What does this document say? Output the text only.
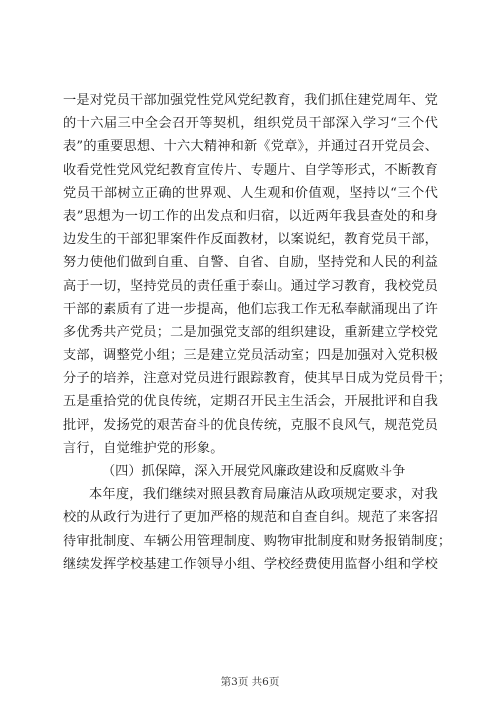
一是对党员干部加强党性党风党纪教育，我们抓住建党周年、党
的十六届三中全会召开等契机，组织党员干部深入学习“三个代
表”的重要思想、十六大精神和新《党章》，并通过召开党员会、
收看党性党风党纪教育宣传片、专题片、自学等形式，不断教育
党员干部树立正确的世界观、人生观和价值观，坚持以“三个代
表”思想为一切工作的出发点和归宿，以近两年我县查处的和身
边发生的干部犯罪案件作反面教材，以案说纪，教育党员干部，
努力使他们做到自重、自警、自省、自励，坚持党和人民的利益
高于一切，坚持党员的责任重于泰山。通过学习教育，我校党员
干部的素质有了进一步提高，他们忘我工作无私奉献涌现出了许
多优秀共产党员；二是加强党支部的组织建设，重新建立学校党
支部，调整党小组；三是建立党员活动室；四是加强对入党积极
分子的培养，注意对党员进行跟踪教育，使其早日成为党员骨干；
五是重拾党的优良传统，定期召开民主生活会，开展批评和自我
批评，发扬党的艰苦奋斗的优良传统，克服不良风气，规范党员
言行，自觉维护党的形象。
（四）抓保障，深入开展党风廉政建设和反腐败斗争
本年度，我们继续对照县教育局廉洁从政项规定要求，对我
校的从政行为进行了更加严格的规范和自查自纠。规范了来客招
待审批制度、车辆公用管理制度、购物审批制度和财务报销制度；
继续发挥学校基建工作领导小组、学校经费使用监督小组和学校
第3页 共6页
